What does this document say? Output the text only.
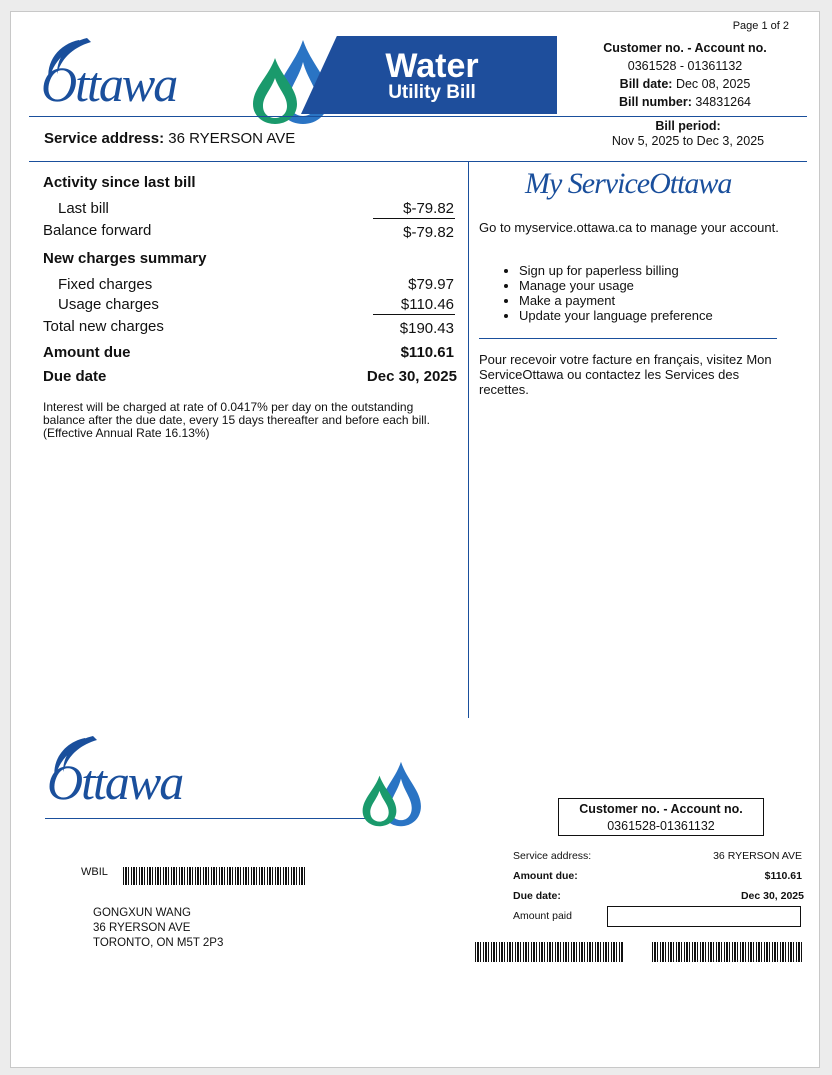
Page 1 of 2
Ottawa	Water
Utility Bill
Customer no. - Account no.
0361528 - 01361132
Bill date: Dec 08, 2025
Bill number: 34831264
Service address: 36 RYERSON AVE
Bill period:
Nov 5, 2025 to Dec 3, 2025
Activity since last bill
Last bill	$-79.82
Balance forward	$-79.82
New charges summary
Fixed charges	$79.97
Usage charges	$110.46
Total new charges	$190.43
Amount due	$110.61
Due date	Dec 30, 2025
Interest will be charged at rate of 0.0417% per day on the outstanding balance after the due date, every 15 days thereafter and before each bill. (Effective Annual Rate 16.13%)
My ServiceOttawa
Go to myservice.ottawa.ca to manage your account.
• Sign up for paperless billing
• Manage your usage
• Make a payment
• Update your language preference
Pour recevoir votre facture en français, visitez Mon ServiceOttawa ou contactez les Services des recettes.
Ottawa	Customer no. - Account no.
0361528-01361132
Service address:	36 RYERSON AVE
Amount due:	$110.61
Due date:	Dec 30, 2025
Amount paid
WBIL
GONGXUN WANG
36 RYERSON AVE
TORONTO, ON M5T 2P3
